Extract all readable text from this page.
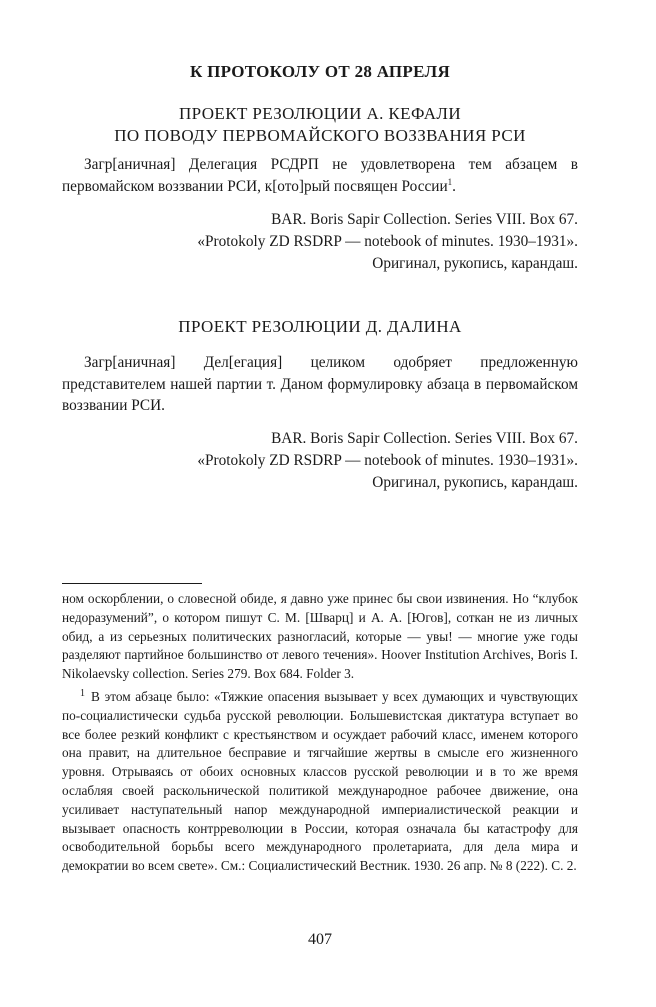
К ПРОТОКОЛУ ОТ 28 АПРЕЛЯ
ПРОЕКТ РЕЗОЛЮЦИИ А. КЕФАЛИ
ПО ПОВОДУ ПЕРВОМАЙСКОГО ВОЗЗВАНИЯ РСИ

Загр[аничная] Делегация РСДРП не удовлетворена тем абзацем в первомайском воззвании РСИ, к[ото]рый посвящен России$^1$.

BAR. Boris Sapir Collection. Series VIII. Box 67.
«Protokoly ZD RSDRP — notebook of minutes. 1930–1931».
Оригинал, рукопись, карандаш.
ПРОЕКТ РЕЗОЛЮЦИИ Д. ДАЛИНА

Загр[аничная] Дел[егация] целиком одобряет предложенную представителем нашей партии т. Даном формулировку абзаца в первомайском воззвании РСИ.

BAR. Boris Sapir Collection. Series VIII. Box 67.
«Protokoly ZD RSDRP — notebook of minutes. 1930–1931».
Оригинал, рукопись, карандаш.

ном оскорблении, о словесной обиде, я давно уже принес бы свои извинения. Но “клубок недоразумений”, о котором пишут С. М. [Шварц] и А. А. [Югов], соткан не из личных обид, а из серьезных политических разногласий, которые — увы! — многие уже годы разделяют партийное большинство от левого течения». Hoover Institution Archives, Boris I. Nikolaevsky collection. Series 279. Box 684. Folder 3.

$^1$ В этом абзаце было: «Тяжкие опасения вызывает у всех думающих и чувствующих по-социалистически судьба русской революции. Большевистская диктатура вступает во все более резкий конфликт с крестьянством и осуждает рабочий класс, именем которого она правит, на длительное бесправие и тягчайшие жертвы в смысле его жизненного уровня. Отрываясь от обоих основных классов русской революции и в то же время ослабляя своей раскольнической политикой международное рабочее движение, она усиливает наступательный напор международной империалистической реакции и вызывает опасность контрреволюции в России, которая означала бы катастрофу для освободительной борьбы всего международного пролетариата, для дела мира и демократии во всем свете». См.: Социалистический Вестник. 1930. 26 апр. № 8 (222). С. 2.

407
